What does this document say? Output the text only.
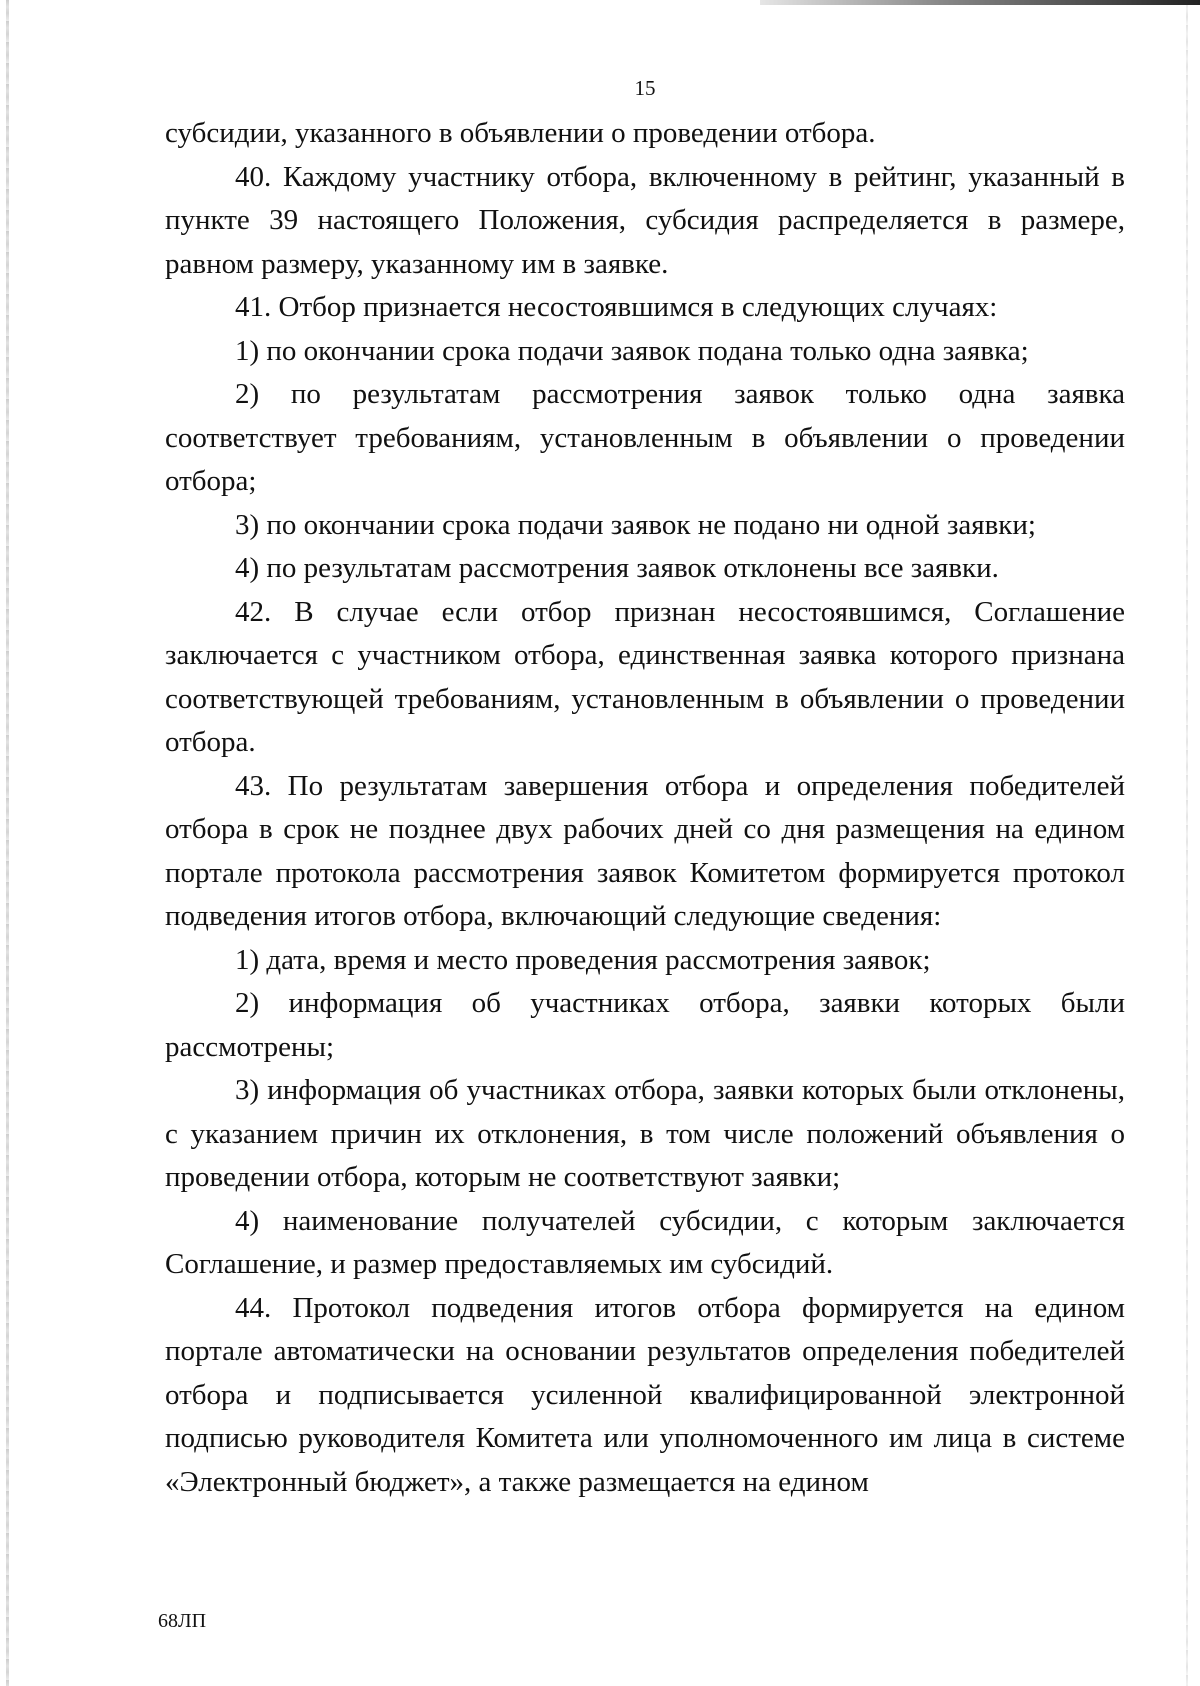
15

субсидии, указанного в объявлении о проведении отбора.

40. Каждому участнику отбора, включенному в рейтинг, указанный в пункте 39 настоящего Положения, субсидия распределяется в размере, равном размеру, указанному им в заявке.

41. Отбор признается несостоявшимся в следующих случаях:

1) по окончании срока подачи заявок подана только одна заявка;

2) по результатам рассмотрения заявок только одна заявка соответствует требованиям, установленным в объявлении о проведении отбора;

3) по окончании срока подачи заявок не подано ни одной заявки;

4) по результатам рассмотрения заявок отклонены все заявки.

42. В случае если отбор признан несостоявшимся, Соглашение заключается с участником отбора, единственная заявка которого признана соответствующей требованиям, установленным в объявлении о проведении отбора.

43. По результатам завершения отбора и определения победителей отбора в срок не позднее двух рабочих дней со дня размещения на едином портале протокола рассмотрения заявок Комитетом формируется протокол подведения итогов отбора, включающий следующие сведения:

1) дата, время и место проведения рассмотрения заявок;

2) информация об участниках отбора, заявки которых были рассмотрены;

3) информация об участниках отбора, заявки которых были отклонены, с указанием причин их отклонения, в том числе положений объявления о проведении отбора, которым не соответствуют заявки;

4) наименование получателей субсидии, с которым заключается Соглашение, и размер предоставляемых им субсидий.

44. Протокол подведения итогов отбора формируется на едином портале автоматически на основании результатов определения победителей отбора и подписывается усиленной квалифицированной электронной подписью руководителя Комитета или уполномоченного им лица в системе «Электронный бюджет», а также размещается на едином

68ЛП
